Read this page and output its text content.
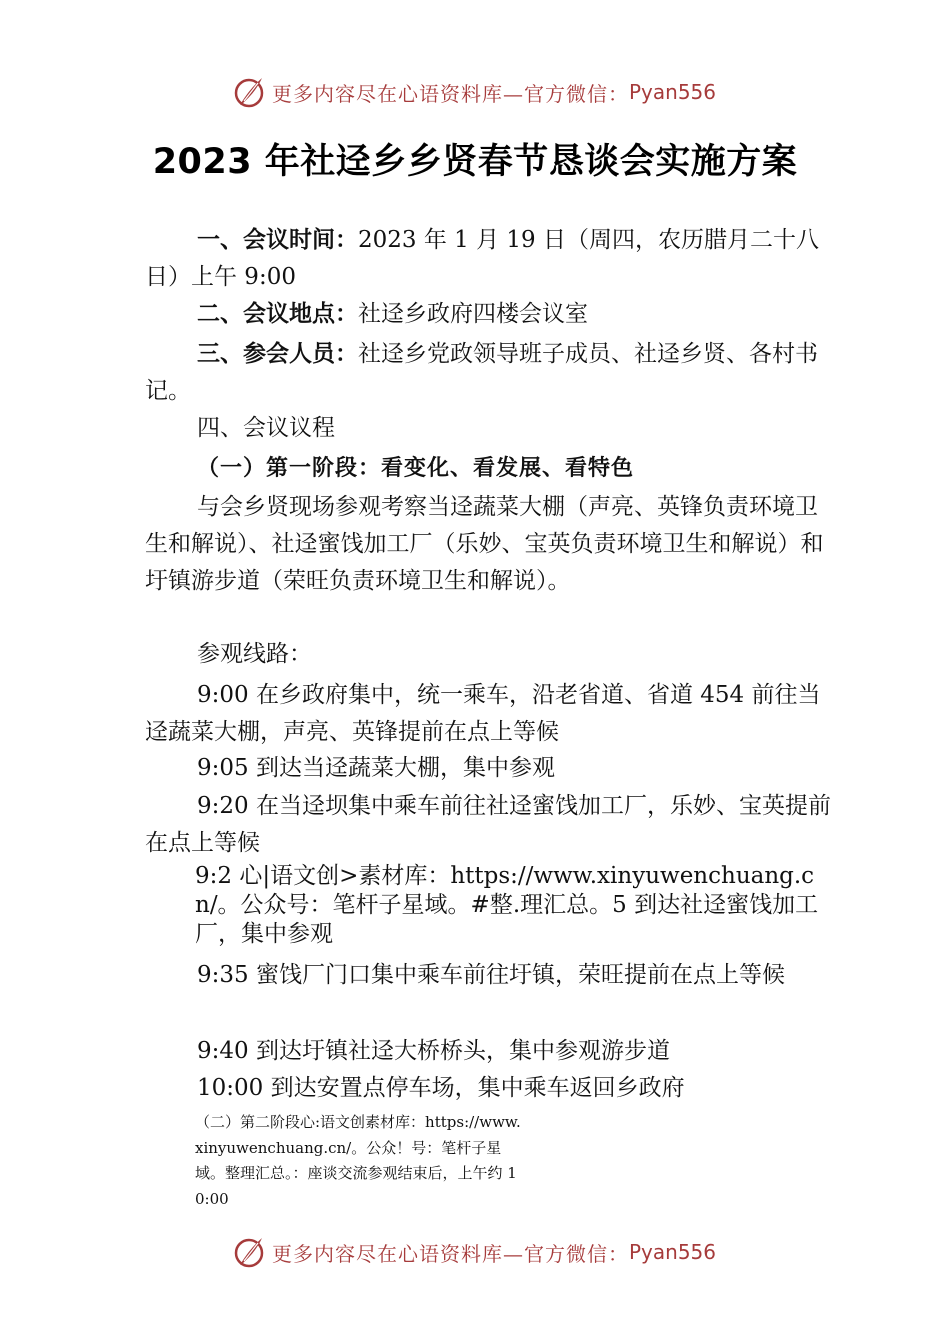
更多内容尽在心语资料库—官方微信： Pyan556
2023 年社迳乡乡贤春节恳谈会实施方案
一、会议时间：2023 年 1 月 19 日（周四，农历腊月二十八日）上午 9:00
二、会议地点：社迳乡政府四楼会议室
三、参会人员：社迳乡党政领导班子成员、社迳乡贤、各村书记。
四、会议议程
（一）第一阶段：看变化、看发展、看特色
与会乡贤现场参观考察当迳蔬菜大棚（声亮、英锋负责环境卫生和解说）、社迳蜜饯加工厂（乐妙、宝英负责环境卫生和解说）和圩镇游步道（荣旺负责环境卫生和解说）。
参观线路：
9:00 在乡政府集中，统一乘车，沿老省道、省道 454 前往当迳蔬菜大棚，声亮、英锋提前在点上等候
9:05 到达当迳蔬菜大棚，集中参观
9:20 在当迳坝集中乘车前往社迳蜜饯加工厂，乐妙、宝英提前在点上等候
9:2 心|语文创>素材库：https://www.xinyuwenchuang.cn/。公众号：笔杆子星域。#整.理汇总。5 到达社迳蜜饯加工厂，集中参观
9:35 蜜饯厂门口集中乘车前往圩镇，荣旺提前在点上等候
9:40 到达圩镇社迳大桥桥头，集中参观游步道
10:00 到达安置点停车场，集中乘车返回乡政府
（二）第二阶段心:语文创素材库：https://www.xinyuwenchuang.cn/。公众！号：笔杆子星域。整理汇总。：座谈交流参观结束后，上午约 10:00
更多内容尽在心语资料库—官方微信： Pyan556
